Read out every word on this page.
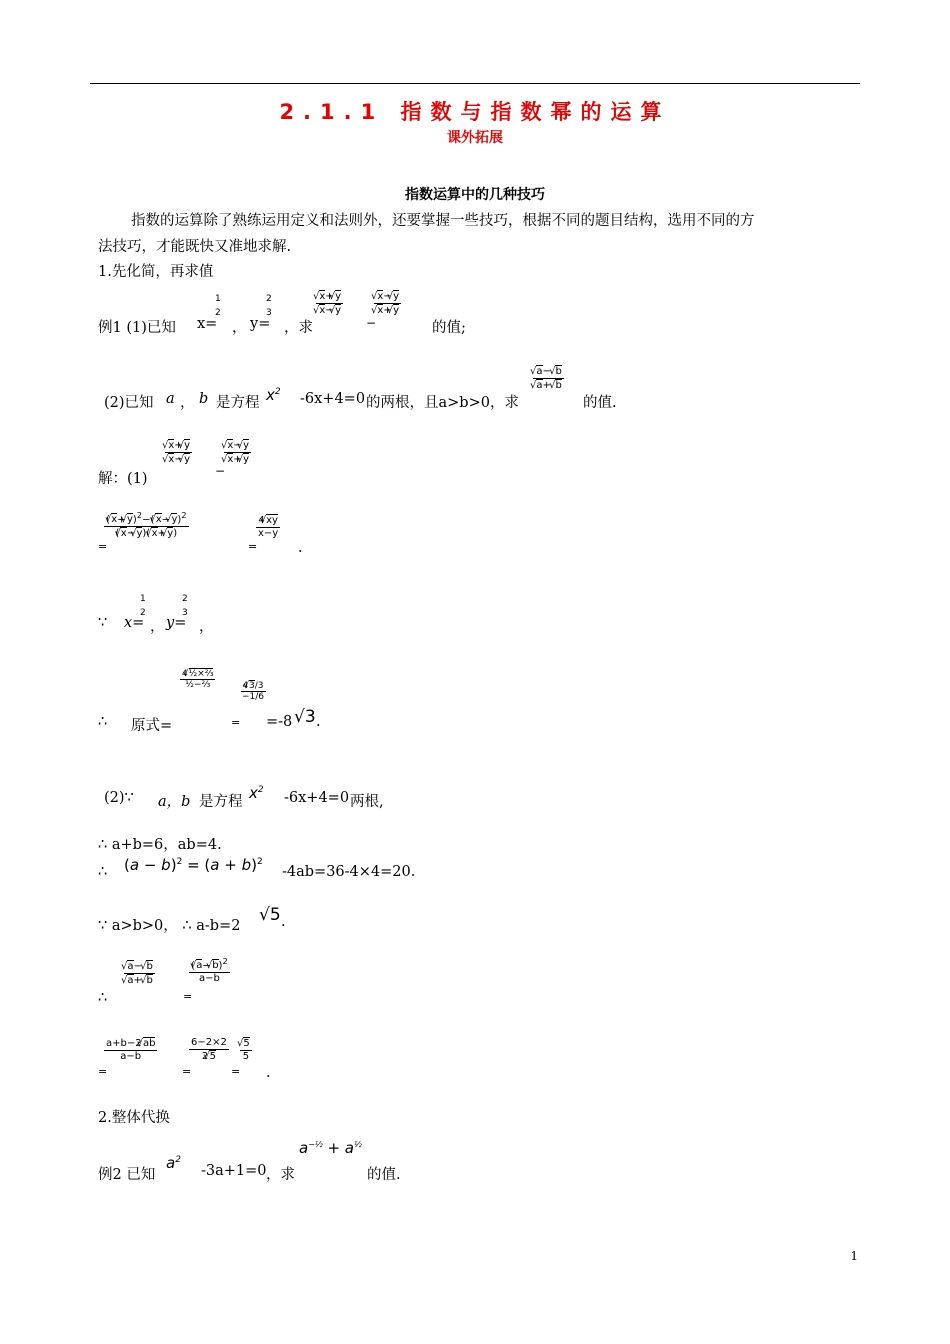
2.1.1 指数与指数幂的运算
课外拓展
指数运算中的几种技巧
指数的运算除了熟练运用定义和法则外，还要掌握一些技巧，根据不同的题目结构，选用不同的方
法技巧，才能既快又准地求解.
1.先化简，再求值
例1 (1)已知 x=
1
2
， y=
2
3
，求
√ x+√ y
√ x−√ y
−
√ x−√ y
√ x+√ y
的值;
(2)已知 a ， b 是方程 $x^2$ -6x+4=0 的两根，且a>b>0，求
√ a− √ b
√ a+ √ b
的值.
解：(1)
√ x+√ y
√ x−√ y
−
√ x−√ y
√ x+√ y
=
$\frac{(√ x+√ y)^2-(√ x-√ y)^2}{(√ x-√ y)(√ x+√ y)}$
=
$\frac{4√ xy}{x-y}$
.
∵ x=
1
2
， y=
2
3
，
∴ 原式=
$\frac{\text{4√ ½×⅔}}{\text{½−⅔}}$
=
$\frac{4√ 3/3}{-1/6}$
=-8 √3 .
(2)∵ a，b 是方程 $x^2$ -6x+4=0 两根,
∴ a+b=6，ab=4.
∴ $(a - b)^2 = (a + b)^2$
-4ab=36-4×4=20.
∵ a>b>0， ∴ a-b=2
√5 .
∴
√ a− √ b
√ a+ √ b
=
$\frac{(√ a-√ b)^2}{a-b}$
=
$\frac{a+b-2√ ab}{a-b}$
=
$\frac{6-2\times 2}{2√ 5}$
=
√ $\frac{5}{5}$
.
2.整体代换
例2 已知
$a^2$
-3a+1=0 ，求
$a^{-\frac{1}{2}} + a^{\frac{1}{2}}$
的值.
1
